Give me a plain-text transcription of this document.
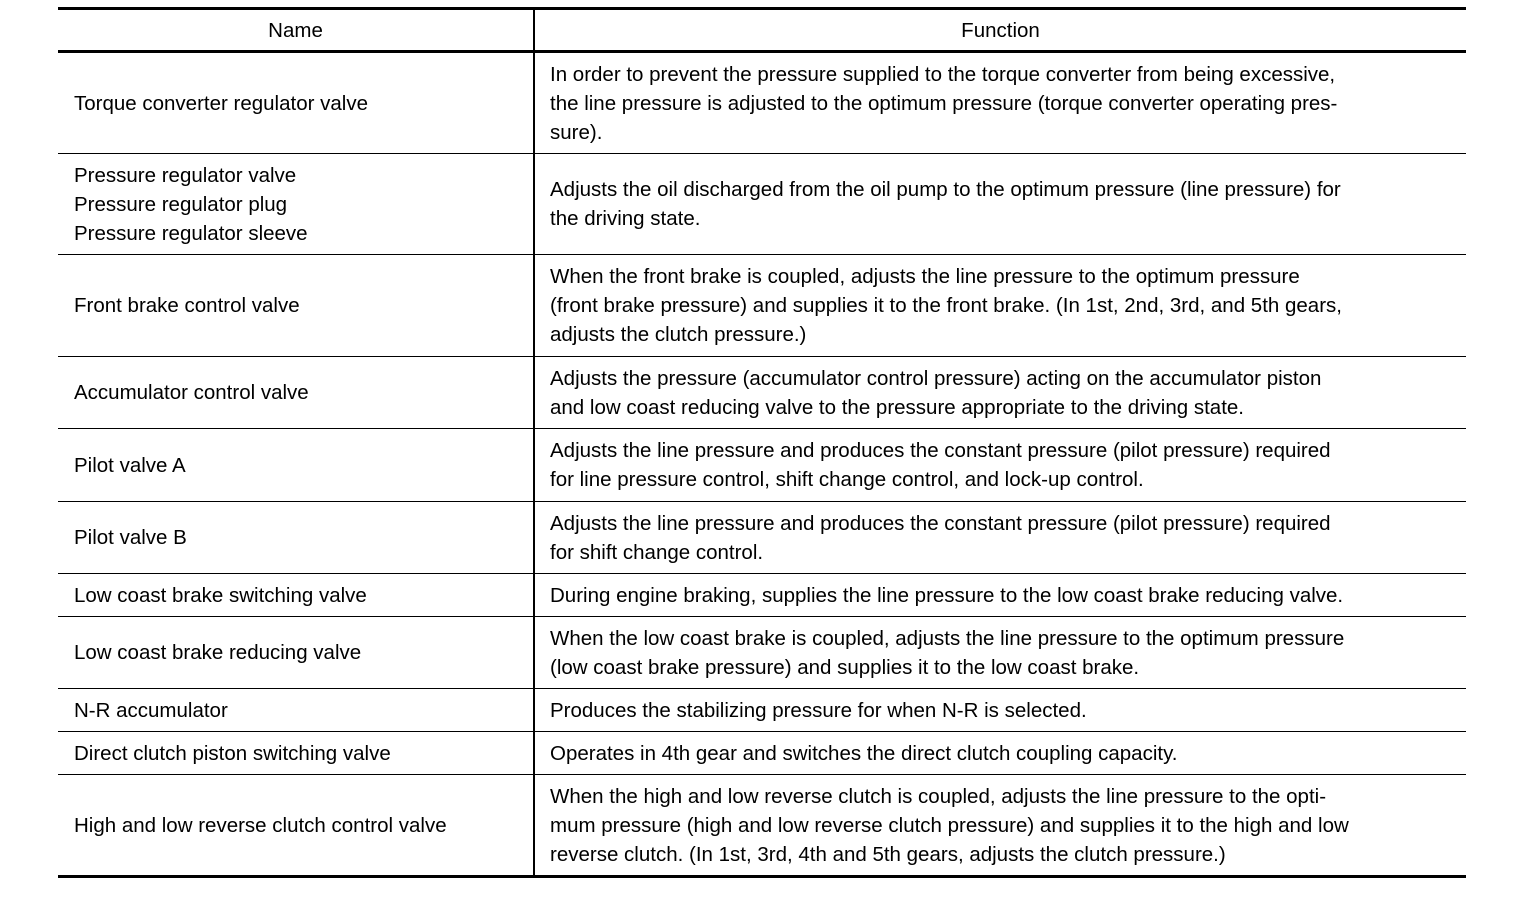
Name	Function

Torque converter regulator valve	In order to prevent the pressure supplied to the torque converter from being excessive,
the line pressure is adjusted to the optimum pressure (torque converter operating pres-
sure).

Pressure regulator valve
Pressure regulator plug
Pressure regulator sleeve	Adjusts the oil discharged from the oil pump to the optimum pressure (line pressure) for
the driving state.

Front brake control valve	When the front brake is coupled, adjusts the line pressure to the optimum pressure
(front brake pressure) and supplies it to the front brake. (In 1st, 2nd, 3rd, and 5th gears,
adjusts the clutch pressure.)

Accumulator control valve	Adjusts the pressure (accumulator control pressure) acting on the accumulator piston
and low coast reducing valve to the pressure appropriate to the driving state.

Pilot valve A	Adjusts the line pressure and produces the constant pressure (pilot pressure) required
for line pressure control, shift change control, and lock-up control.

Pilot valve B	Adjusts the line pressure and produces the constant pressure (pilot pressure) required
for shift change control.

Low coast brake switching valve	During engine braking, supplies the line pressure to the low coast brake reducing valve.

Low coast brake reducing valve	When the low coast brake is coupled, adjusts the line pressure to the optimum pressure
(low coast brake pressure) and supplies it to the low coast brake.

N-R accumulator	Produces the stabilizing pressure for when N-R is selected.

Direct clutch piston switching valve	Operates in 4th gear and switches the direct clutch coupling capacity.

High and low reverse clutch control valve	When the high and low reverse clutch is coupled, adjusts the line pressure to the opti-
mum pressure (high and low reverse clutch pressure) and supplies it to the high and low
reverse clutch. (In 1st, 3rd, 4th and 5th gears, adjusts the clutch pressure.)
